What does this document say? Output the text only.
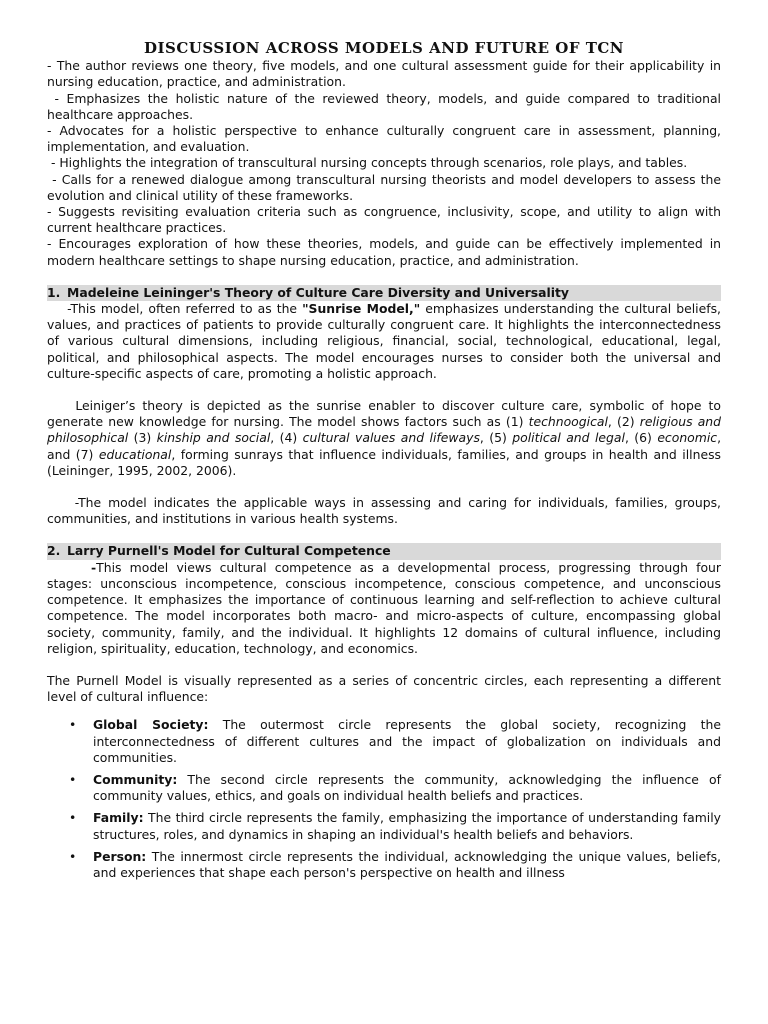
DISCUSSION ACROSS MODELS AND FUTURE OF TCN

- The author reviews one theory, five models, and one cultural assessment guide for their applicability in nursing education, practice, and administration.

- Emphasizes the holistic nature of the reviewed theory, models, and guide compared to traditional healthcare approaches.

- Advocates for a holistic perspective to enhance culturally congruent care in assessment, planning, implementation, and evaluation.

- Highlights the integration of transcultural nursing concepts through scenarios, role plays, and tables.

- Calls for a renewed dialogue among transcultural nursing theorists and model developers to assess the evolution and clinical utility of these frameworks.

- Suggests revisiting evaluation criteria such as congruence, inclusivity, scope, and utility to align with current healthcare practices.

- Encourages exploration of how these theories, models, and guide can be effectively implemented in modern healthcare settings to shape nursing education, practice, and administration.

1. Madeleine Leininger's Theory of Culture Care Diversity and Universality

-This model, often referred to as the "Sunrise Model," emphasizes understanding the cultural beliefs, values, and practices of patients to provide culturally congruent care. It highlights the interconnectedness of various cultural dimensions, including religious, financial, social, technological, educational, legal, political, and philosophical aspects. The model encourages nurses to consider both the universal and culture-specific aspects of care, promoting a holistic approach.

Leiniger’s theory is depicted as the sunrise enabler to discover culture care, symbolic of hope to generate new knowledge for nursing. The model shows factors such as (1) technoogical, (2) religious and philosophical (3) kinship and social, (4) cultural values and lifeways, (5) political and legal, (6) economic, and (7) educational, forming sunrays that influence individuals, families, and groups in health and illness (Leininger, 1995, 2002, 2006).

-The model indicates the applicable ways in assessing and caring for individuals, families, groups, communities, and institutions in various health systems.

2. Larry Purnell's Model for Cultural Competence

-This model views cultural competence as a developmental process, progressing through four stages: unconscious incompetence, conscious incompetence, conscious competence, and unconscious competence. It emphasizes the importance of continuous learning and self-reflection to achieve cultural competence. The model incorporates both macro- and micro-aspects of culture, encompassing global society, community, family, and the individual. It highlights 12 domains of cultural influence, including religion, spirituality, education, technology, and economics.

The Purnell Model is visually represented as a series of concentric circles, each representing a different level of cultural influence:

• Global Society: The outermost circle represents the global society, recognizing the interconnectedness of different cultures and the impact of globalization on individuals and communities.
• Community: The second circle represents the community, acknowledging the influence of community values, ethics, and goals on individual health beliefs and practices.
• Family: The third circle represents the family, emphasizing the importance of understanding family structures, roles, and dynamics in shaping an individual's health beliefs and behaviors.
• Person: The innermost circle represents the individual, acknowledging the unique values, beliefs, and experiences that shape each person's perspective on health and illness
